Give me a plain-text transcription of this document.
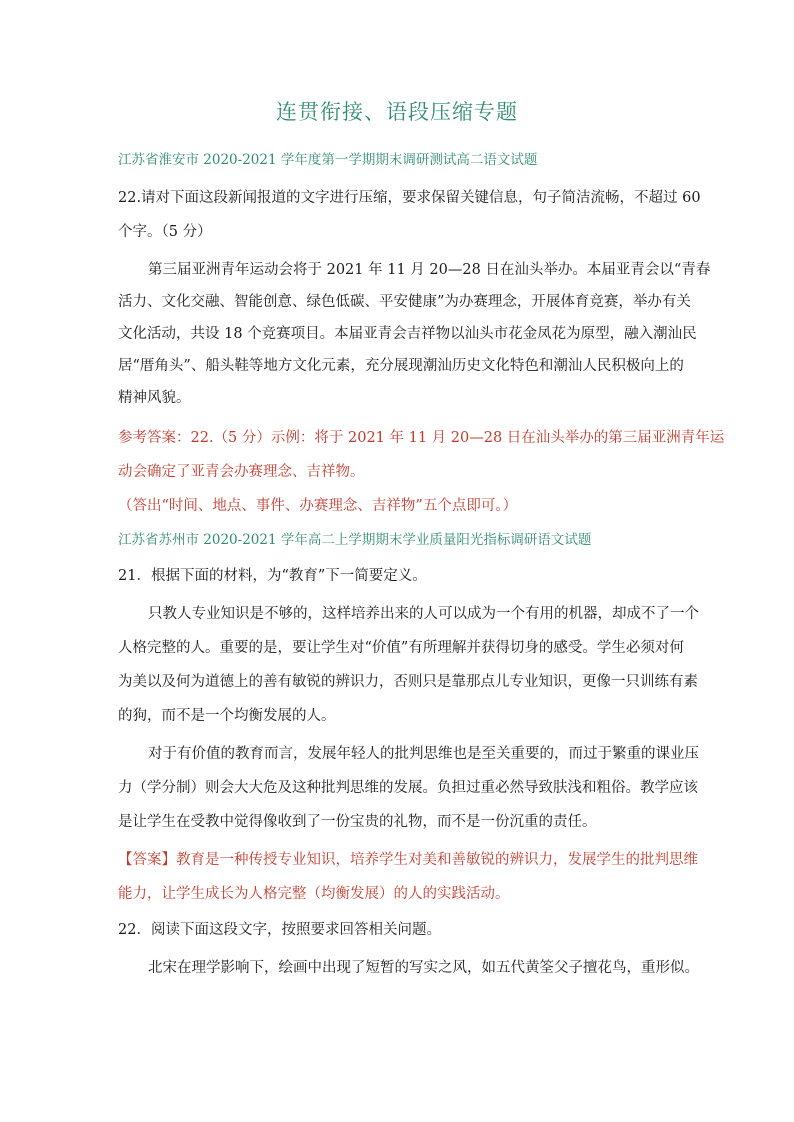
连贯衔接、语段压缩专题
江苏省淮安市 2020-2021 学年度第一学期期末调研测试高二语文试题
22.请对下面这段新闻报道的文字进行压缩，要求保留关键信息，句子简洁流畅，不超过 60
个字。（5 分）
第三届亚洲青年运动会将于 2021 年 11 月 20—28 日在汕头举办。本届亚青会以“青春
活力、文化交融、智能创意、绿色低碳、平安健康”为办赛理念，开展体育竞赛，举办有关
文化活动，共设 18 个竞赛项目。本届亚青会吉祥物以汕头市花金凤花为原型，融入潮汕民
居“厝角头”、船头鞋等地方文化元素，充分展现潮汕历史文化特色和潮汕人民积极向上的
精神风貌。
参考答案：22.（5 分）示例：将于 2021 年 11 月 20—28 日在汕头举办的第三届亚洲青年运
动会确定了亚青会办赛理念、吉祥物。
（答出“时间、地点、事件、办赛理念、吉祥物”五个点即可。）
江苏省苏州市 2020-2021 学年高二上学期期末学业质量阳光指标调研语文试题
21．根据下面的材料，为“教育”下一简要定义。
只教人专业知识是不够的，这样培养出来的人可以成为一个有用的机器，却成不了一个
人格完整的人。重要的是，要让学生对“价值”有所理解并获得切身的感受。学生必须对何
为美以及何为道德上的善有敏锐的辨识力，否则只是靠那点儿专业知识，更像一只训练有素
的狗，而不是一个均衡发展的人。
对于有价值的教育而言，发展年轻人的批判思维也是至关重要的，而过于繁重的课业压
力（学分制）则会大大危及这种批判思维的发展。负担过重必然导致肤浅和粗俗。教学应该
是让学生在受教中觉得像收到了一份宝贵的礼物，而不是一份沉重的责任。
【答案】教育是一种传授专业知识，培养学生对美和善敏锐的辨识力，发展学生的批判思维
能力，让学生成长为人格完整（均衡发展）的人的实践活动。
22．阅读下面这段文字，按照要求回答相关问题。
北宋在理学影响下，绘画中出现了短暂的写实之风，如五代黄筌父子擅花鸟，重形似。
